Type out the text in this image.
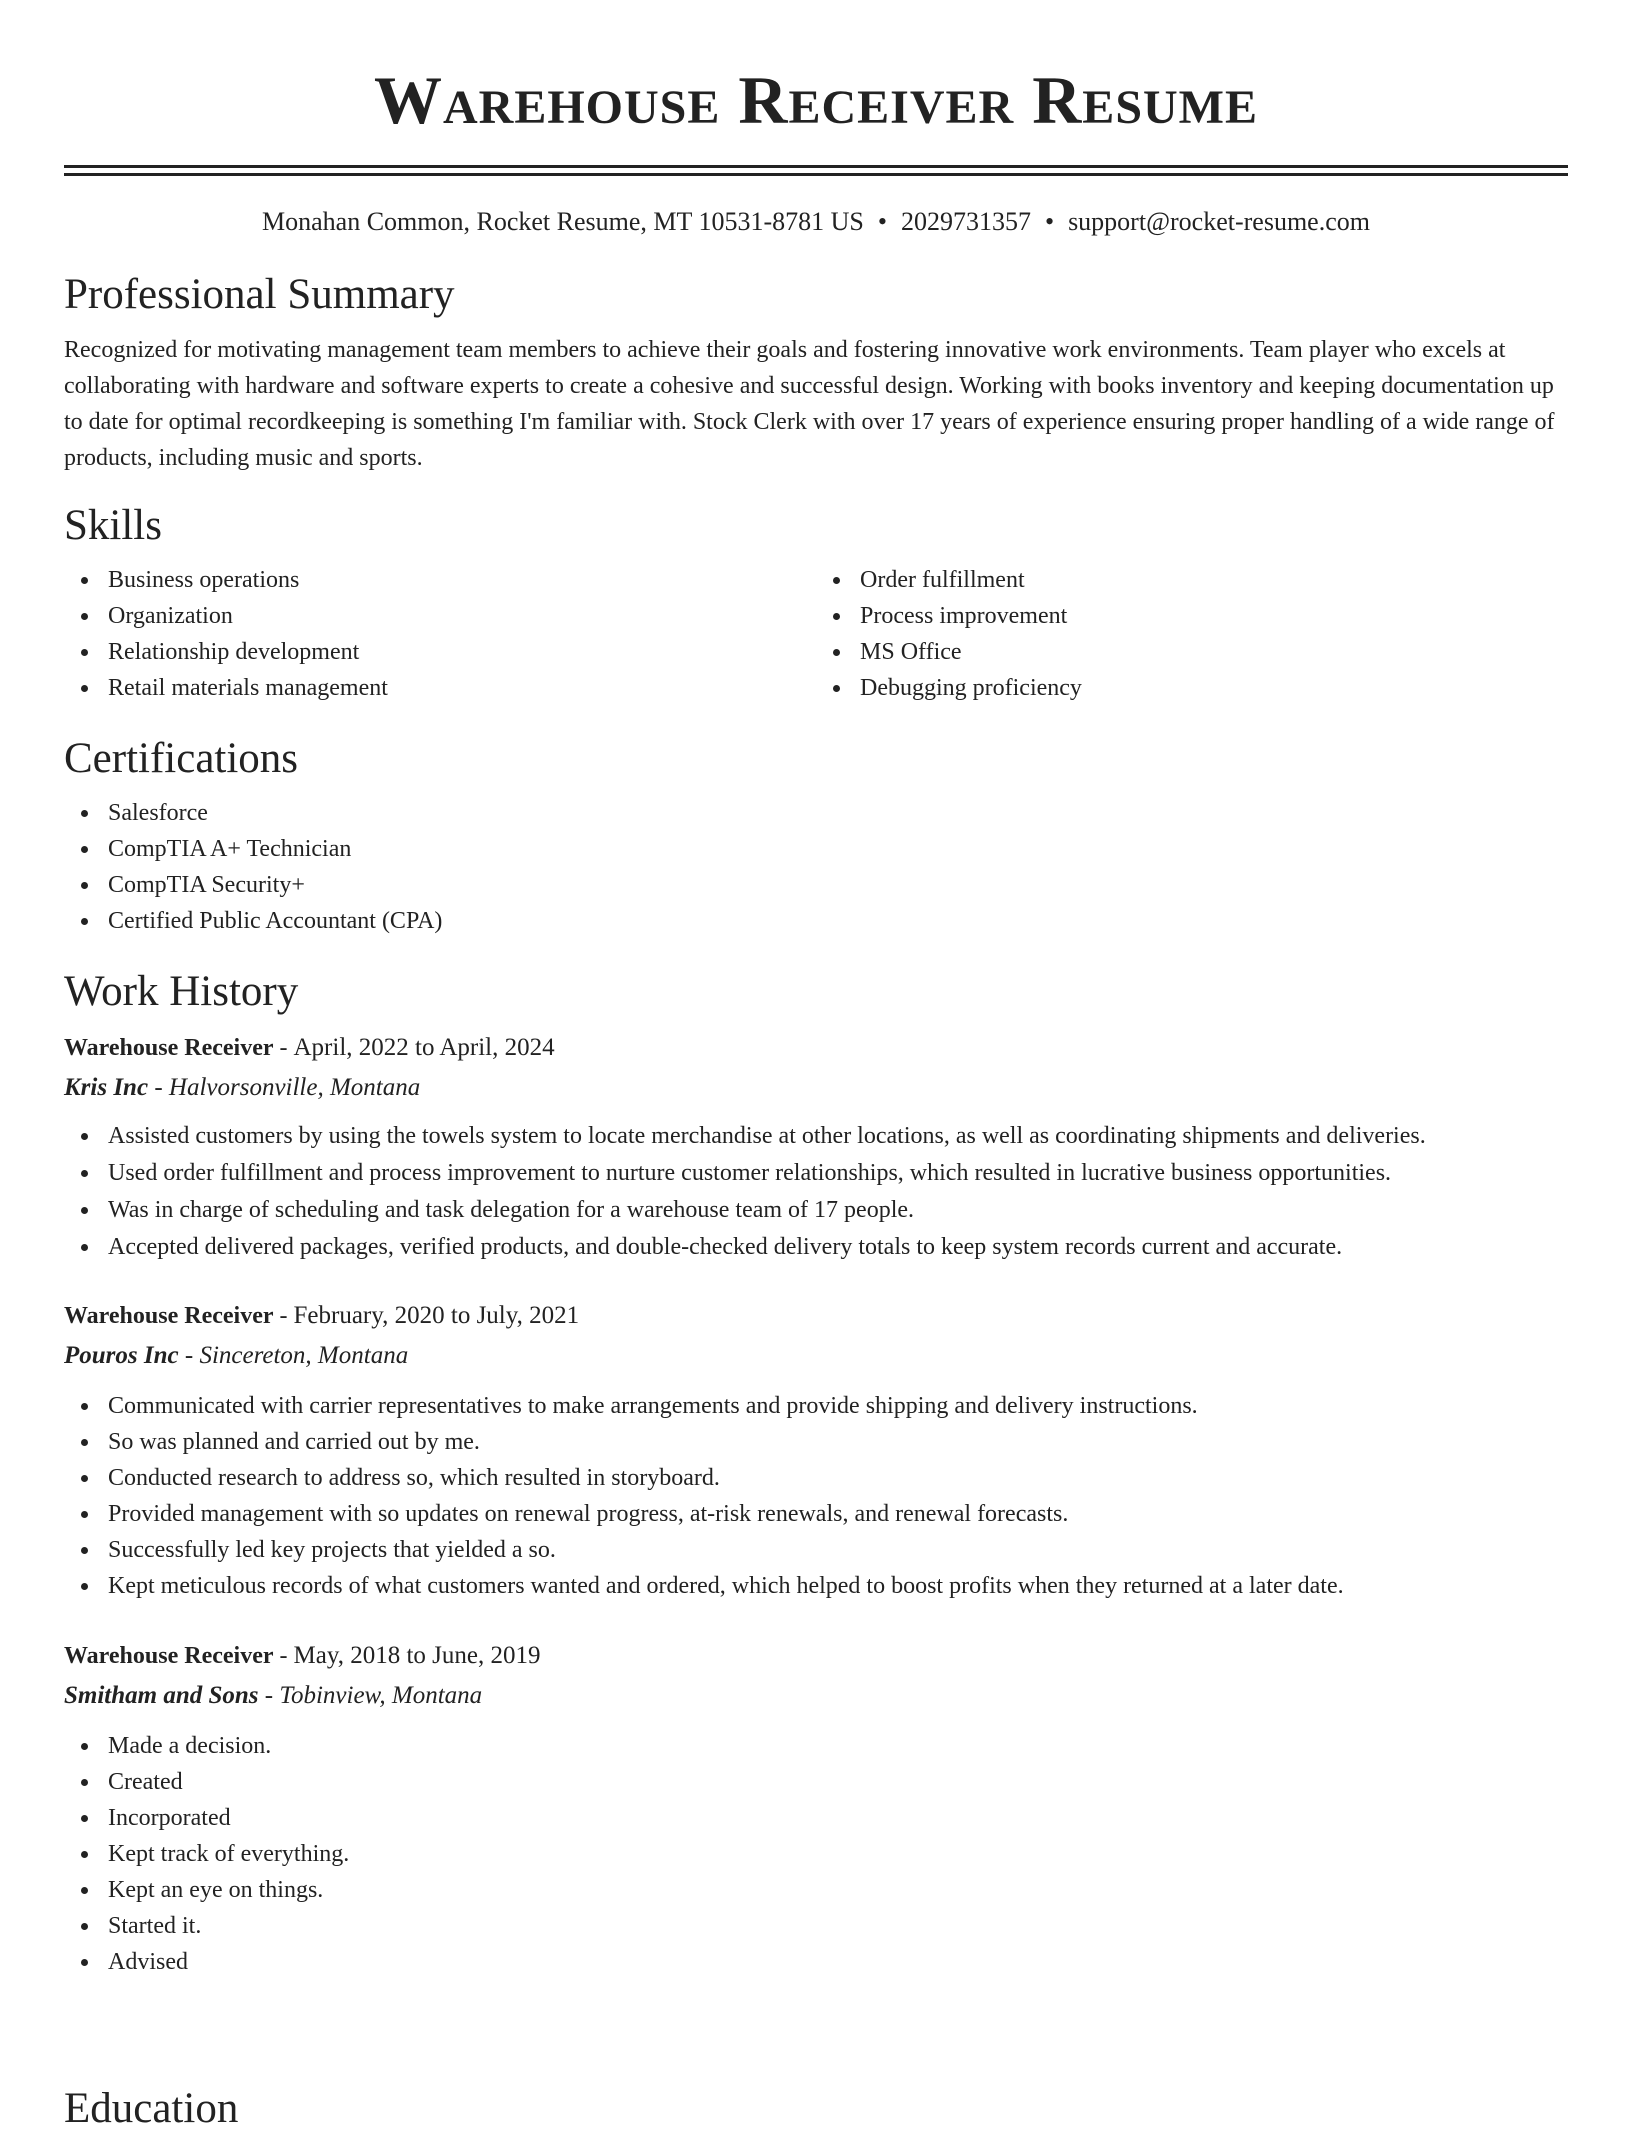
Warehouse Receiver Resume
Monahan Common, Rocket Resume, MT 10531-8781 US • 2029731357 • support@rocket-resume.com
Professional Summary
Recognized for motivating management team members to achieve their goals and fostering innovative work environments. Team player who excels at collaborating with hardware and software experts to create a cohesive and successful design. Working with books inventory and keeping documentation up to date for optimal recordkeeping is something I'm familiar with. Stock Clerk with over 17 years of experience ensuring proper handling of a wide range of products, including music and sports.
Skills
Business operations
Organization
Relationship development
Retail materials management
Order fulfillment
Process improvement
MS Office
Debugging proficiency
Certifications
Salesforce
CompTIA A+ Technician
CompTIA Security+
Certified Public Accountant (CPA)
Work History
Warehouse Receiver - April, 2022 to April, 2024
Kris Inc - Halvorsonville, Montana
Assisted customers by using the towels system to locate merchandise at other locations, as well as coordinating shipments and deliveries.
Used order fulfillment and process improvement to nurture customer relationships, which resulted in lucrative business opportunities.
Was in charge of scheduling and task delegation for a warehouse team of 17 people.
Accepted delivered packages, verified products, and double-checked delivery totals to keep system records current and accurate.
Warehouse Receiver - February, 2020 to July, 2021
Pouros Inc - Sincereton, Montana
Communicated with carrier representatives to make arrangements and provide shipping and delivery instructions.
So was planned and carried out by me.
Conducted research to address so, which resulted in storyboard.
Provided management with so updates on renewal progress, at-risk renewals, and renewal forecasts.
Successfully led key projects that yielded a so.
Kept meticulous records of what customers wanted and ordered, which helped to boost profits when they returned at a later date.
Warehouse Receiver - May, 2018 to June, 2019
Smitham and Sons - Tobinview, Montana
Made a decision.
Created
Incorporated
Kept track of everything.
Kept an eye on things.
Started it.
Advised
Education
